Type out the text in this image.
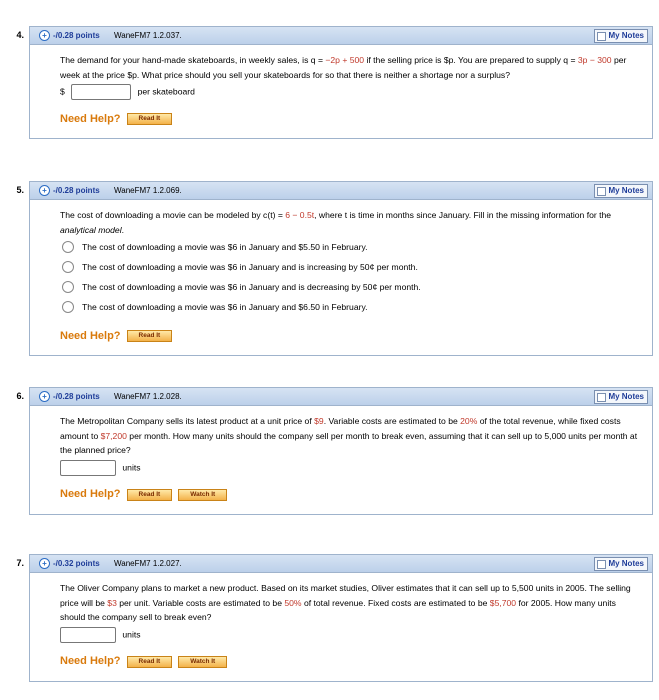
4.	+ -/0.28 points WaneFM7 1.2.037.	My Notes
The demand for your hand-made skateboards, in weekly sales, is q = −2p + 500 if the selling price is $p. You are prepared to supply q = 3p − 300 per week at the price $p. What price should you sell your skateboards for so that there is neither a shortage nor a surplus?
$	per skateboard
Need Help?	Read It
5.	+ -/0.28 points WaneFM7 1.2.069.	My Notes
The cost of downloading a movie can be modeled by c(t) = 6 − 0.5t, where t is time in months since January. Fill in the missing information for the analytical model.
The cost of downloading a movie was $6 in January and $5.50 in February.
The cost of downloading a movie was $6 in January and is increasing by 50¢ per month.
The cost of downloading a movie was $6 in January and is decreasing by 50¢ per month.
The cost of downloading a movie was $6 in January and $6.50 in February.
Need Help?	Read It
6.	+ -/0.28 points WaneFM7 1.2.028.	My Notes
The Metropolitan Company sells its latest product at a unit price of $9. Variable costs are estimated to be 20% of the total revenue, while fixed costs amount to $7,200 per month. How many units should the company sell per month to break even, assuming that it can sell up to 5,000 units per month at the planned price?
units
Need Help?	Read It	Watch It
7.	+ -/0.32 points WaneFM7 1.2.027.	My Notes
The Oliver Company plans to market a new product. Based on its market studies, Oliver estimates that it can sell up to 5,500 units in 2005. The selling price will be $3 per unit. Variable costs are estimated to be 50% of total revenue. Fixed costs are estimated to be $5,700 for 2005. How many units should the company sell to break even?
units
Need Help?	Read It	Watch It
